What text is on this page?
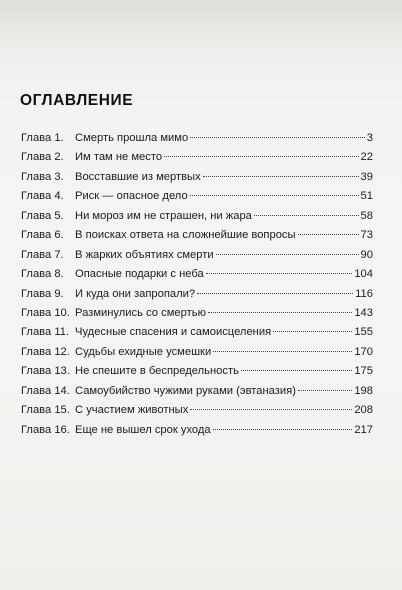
ОГЛАВЛЕНИЕ
Глава 1.	Смерть прошла мимо	3
Глава 2.	Им там не место	22
Глава 3.	Восставшие из мертвых	39
Глава 4.	Риск — опасное дело	51
Глава 5.	Ни мороз им не страшен, ни жара	58
Глава 6.	В поисках ответа на сложнейшие вопросы	73
Глава 7.	В жарких объятиях смерти	90
Глава 8.	Опасные подарки с неба	104
Глава 9.	И куда они запропали?	116
Глава 10. Разминулись со смертью	143
Глава 11. Чудесные спасения и самоисцеления	155
Глава 12. Судьбы ехидные усмешки	170
Глава 13. Не спешите в беспредельность	175
Глава 14. Самоубийство чужими руками (эвтаназия)	198
Глава 15. С участием животных	208
Глава 16. Еще не вышел срок ухода	217
